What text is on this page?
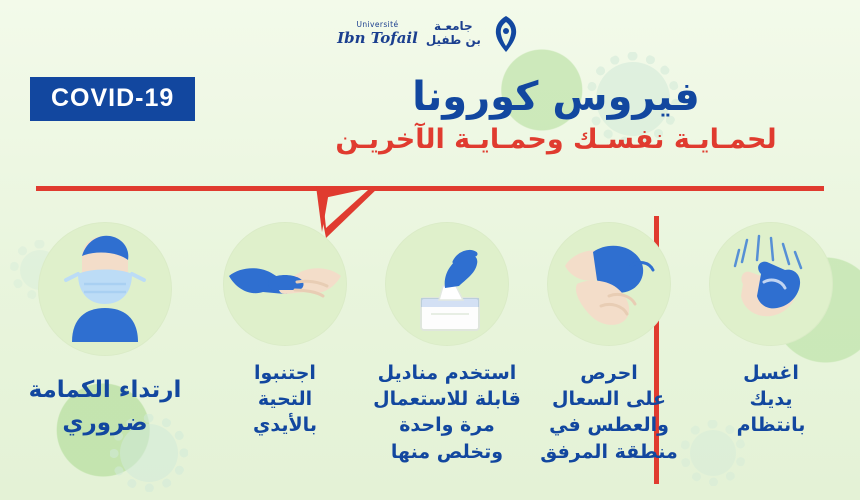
جامعـة
بن طفيل
Université
Ibn Tofail
COVID-19	فيروس كورونا
لحمـايـة نفسـك وحمـايـة الآخريـن
اغسل
يديك
بانتظام
احرص
على السعال
والعطس في
منطقة المرفق
استخدم مناديل
قابلة للاستعمال
مرة واحدة
وتخلص منها
اجتنبوا
التحية
بالأيدي
ارتداء الكمامة
ضروري
